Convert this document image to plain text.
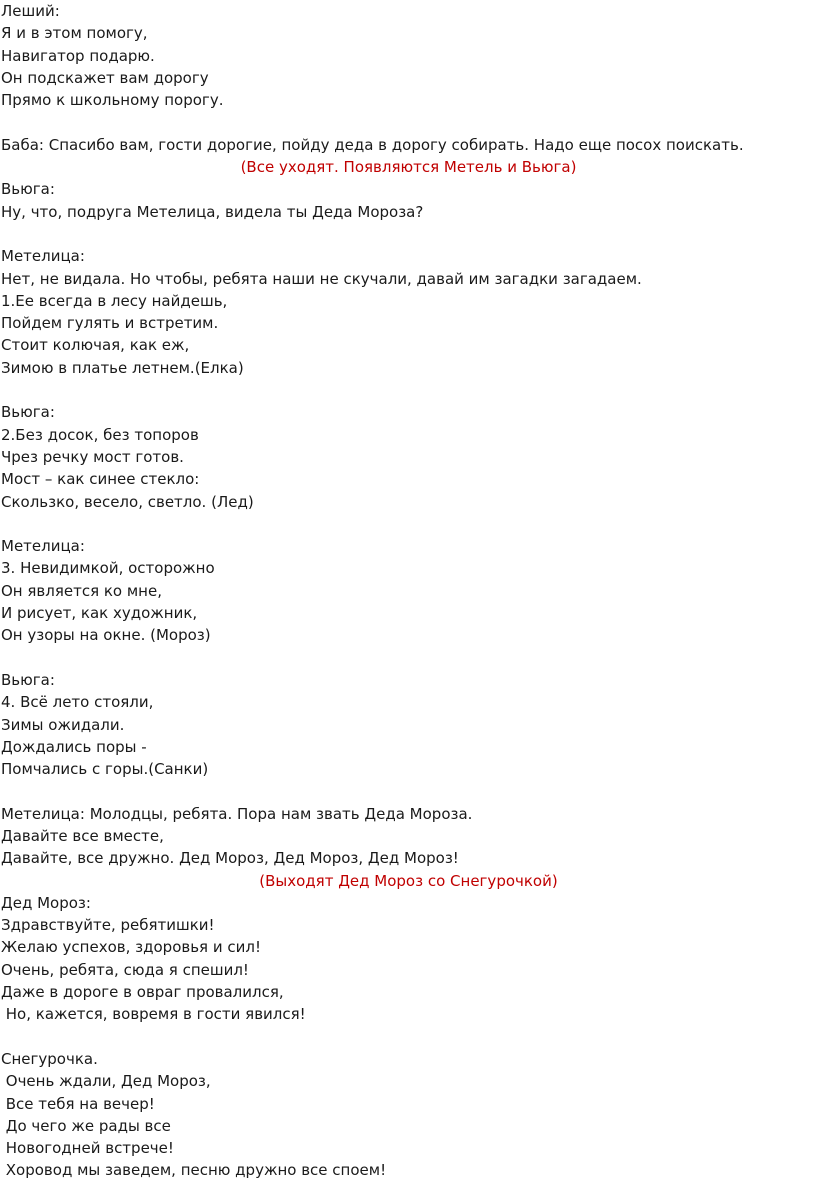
Леший:
Я и в этом помогу,
Навигатор подарю.
Он подскажет вам дорогу
Прямо к школьному порогу.
Баба: Спасибо вам, гости дорогие, пойду деда в дорогу собирать. Надо еще посох поискать.
(Все уходят. Появляются Метель и Вьюга)
Вьюга:
Ну, что, подруга Метелица, видела ты Деда Мороза?
Метелица:
Нет, не видала. Но чтобы, ребята наши не скучали, давай им загадки загадаем.
1.Ее всегда в лесу найдешь,
Пойдем гулять и встретим.
Стоит колючая, как еж,
Зимою в платье летнем.(Елка)
Вьюга:
2.Без досок, без топоров
Чрез речку мост готов.
Мост – как синее стекло:
Скользко, весело, светло. (Лед)
Метелица:
3. Невидимкой, осторожно
Он является ко мне,
И рисует, как художник,
Он узоры на окне. (Мороз)
Вьюга:
4. Всё лето стояли,
Зимы ожидали.
Дождались поры -
Помчались с горы.(Санки)
Метелица: Молодцы, ребята. Пора нам звать Деда Мороза.
Давайте все вместе,
Давайте, все дружно. Дед Мороз, Дед Мороз, Дед Мороз!
(Выходят Дед Мороз со Снегурочкой)
Дед Мороз:
Здравствуйте, ребятишки!
Желаю успехов, здоровья и сил!
Очень, ребята, сюда я спешил!
Даже в дороге в овраг провалился,
Но, кажется, вовремя в гости явился!
Снегурочка.
Очень ждали, Дед Мороз,
Все тебя на вечер!
До чего же рады все
Новогодней встрече!
Хоровод мы заведем, песню дружно все споем!
